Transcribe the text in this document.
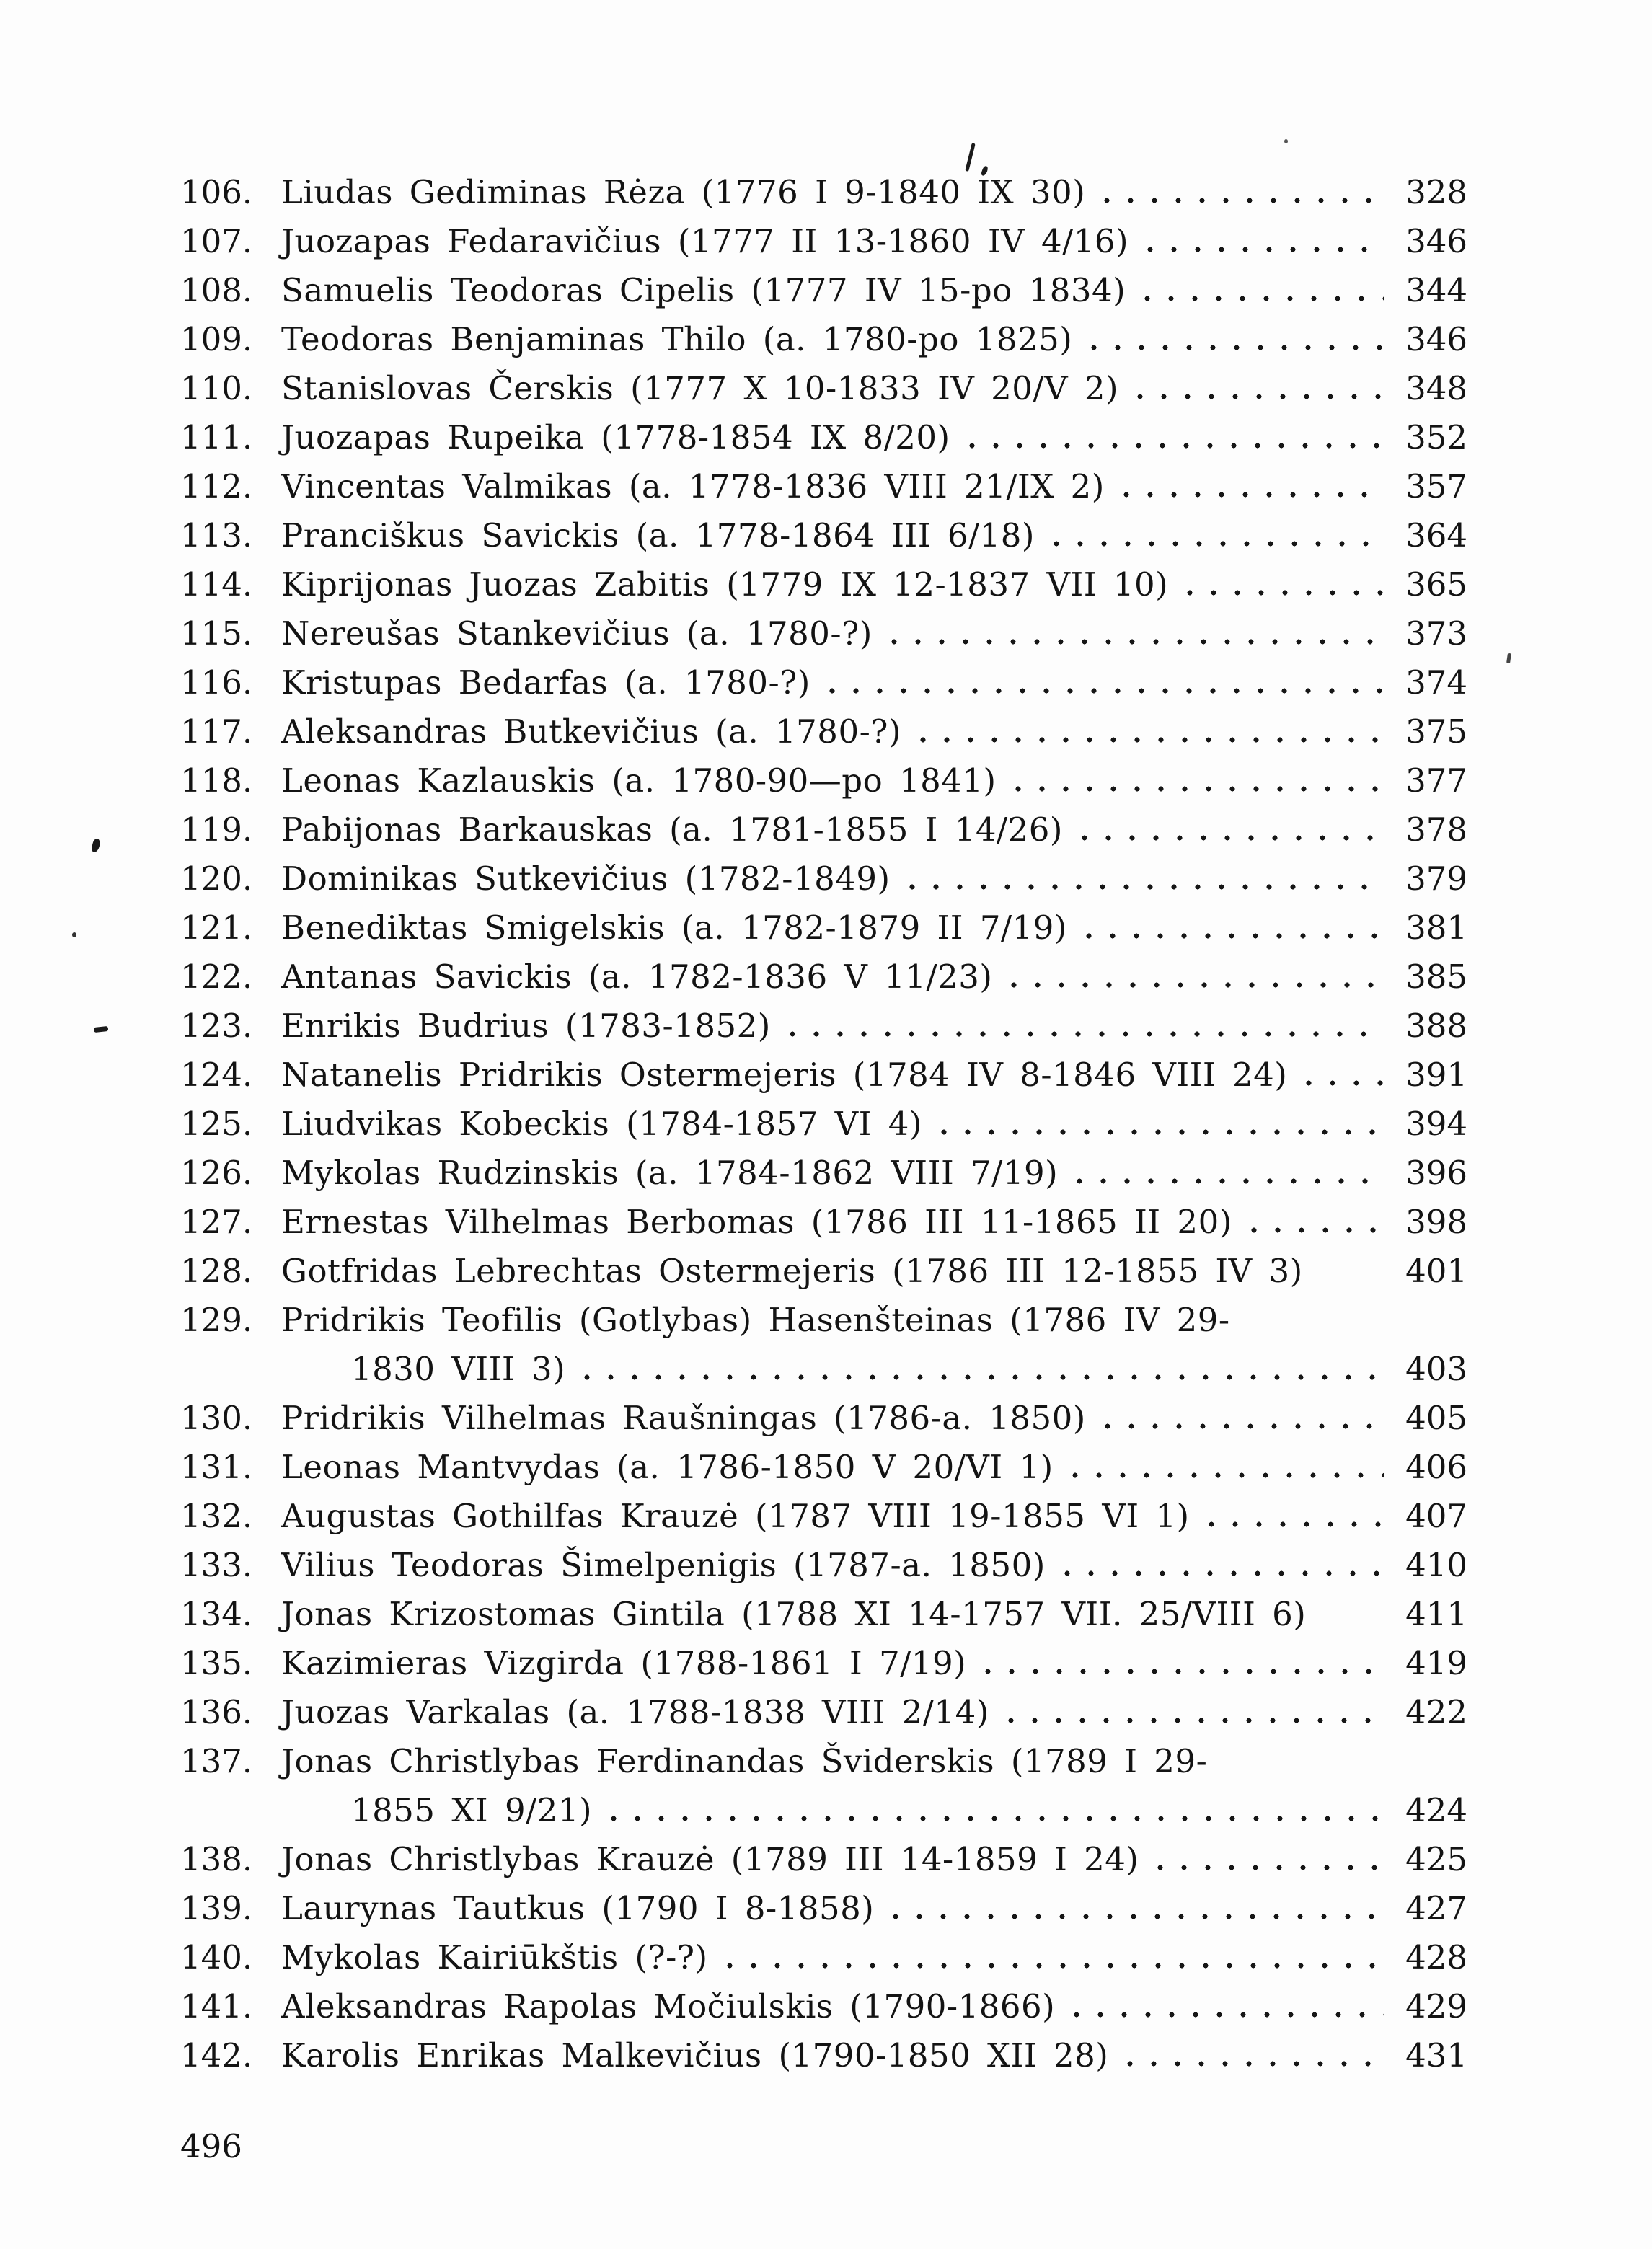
106. Liudas Gediminas Rėza (1776 I 9-1840 IX 30)	328
107. Juozapas Fedaravičius (1777 II 13-1860 IV 4/16)	346
108. Samuelis Teodoras Cipelis (1777 IV 15-po 1834)	344
109. Teodoras Benjaminas Thilo (a. 1780-po 1825)	346
110. Stanislovas Čerskis (1777 X 10-1833 IV 20/V 2)	348
111. Juozapas Rupeika (1778-1854 IX 8/20)	352
112. Vincentas Valmikas (a. 1778-1836 VIII 21/IX 2)	357
113. Pranciškus Savickis (a. 1778-1864 III 6/18)	364
114. Kiprijonas Juozas Zabitis (1779 IX 12-1837 VII 10)	365
115. Nereušas Stankevičius (a. 1780-?)	373
116. Kristupas Bedarfas (a. 1780-?)	374
117. Aleksandras Butkevičius (a. 1780-?)	375
118. Leonas Kazlauskis (a. 1780-90—po 1841)	377
119. Pabijonas Barkauskas (a. 1781-1855 I 14/26)	378
120. Dominikas Sutkevičius (1782-1849)	379
121. Benediktas Smigelskis (a. 1782-1879 II 7/19)	381
122. Antanas Savickis (a. 1782-1836 V 11/23)	385
123. Enrikis Budrius (1783-1852)	388
124. Natanelis Pridrikis Ostermejeris (1784 IV 8-1846 VIII 24)	391
125. Liudvikas Kobeckis (1784-1857 VI 4)	394
126. Mykolas Rudzinskis (a. 1784-1862 VIII 7/19)	396
127. Ernestas Vilhelmas Berbomas (1786 III 11-1865 II 20)	398
128. Gotfridas Lebrechtas Ostermejeris (1786 III 12-1855 IV 3)	401
129. Pridrikis Teofilis (Gotlybas) Hasenšteinas (1786 IV 29-
1830 VIII 3)	403
130. Pridrikis Vilhelmas Raušningas (1786-a. 1850)	405
131. Leonas Mantvydas (a. 1786-1850 V 20/VI 1)	406
132. Augustas Gothilfas Krauzė (1787 VIII 19-1855 VI 1)	407
133. Vilius Teodoras Šimelpenigis (1787-a. 1850)	410
134. Jonas Krizostomas Gintila (1788 XI 14-1757 VII. 25/VIII 6)	411
135. Kazimieras Vizgirda (1788-1861 I 7/19)	419
136. Juozas Varkalas (a. 1788-1838 VIII 2/14)	422
137. Jonas Christlybas Ferdinandas Šviderskis (1789 I 29-
1855 XI 9/21)	424
138. Jonas Christlybas Krauzė (1789 III 14-1859 I 24)	425
139. Laurynas Tautkus (1790 I 8-1858)	427
140. Mykolas Kairiūkštis (?-?)	428
141. Aleksandras Rapolas Močiulskis (1790-1866)	429
142. Karolis Enrikas Malkevičius (1790-1850 XII 28)	431
496
